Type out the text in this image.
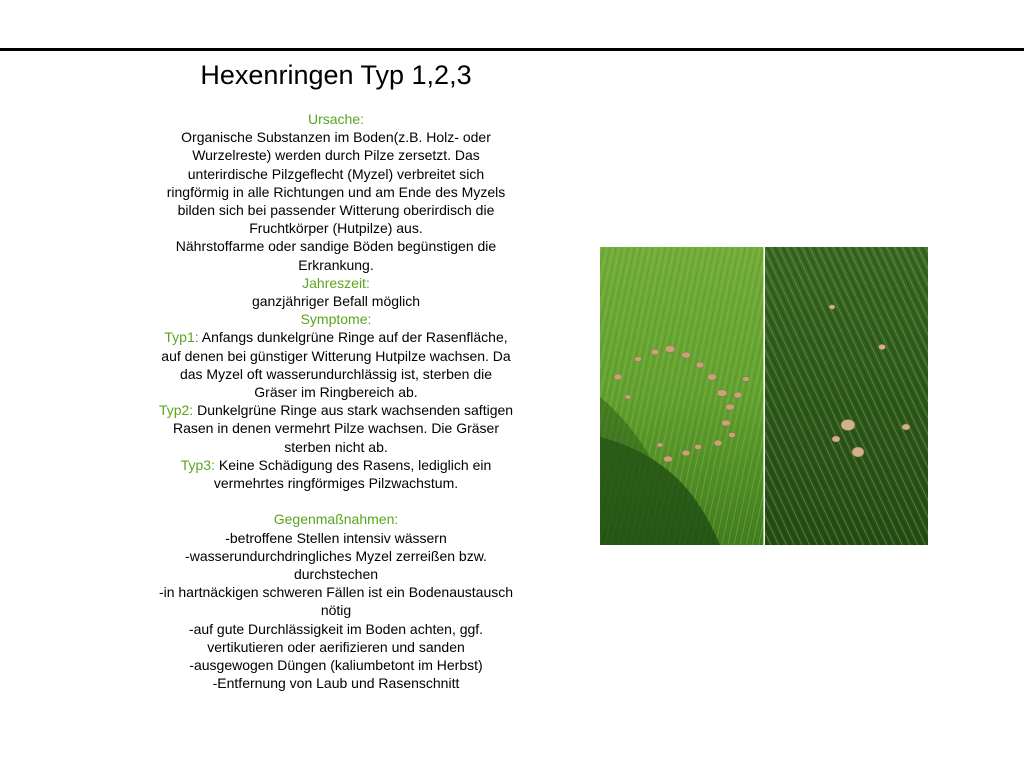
Hexenringen Typ 1,2,3
Ursache:
Organische Substanzen im Boden(z.B. Holz- oder
Wurzelreste) werden durch Pilze zersetzt. Das
unterirdische Pilzgeflecht (Myzel) verbreitet sich
ringförmig in alle Richtungen und am Ende des Myzels
bilden sich bei passender Witterung oberirdisch die
Fruchtkörper (Hutpilze) aus.
Nährstoffarme oder sandige Böden begünstigen die
Erkrankung.
Jahreszeit:
ganzjähriger Befall möglich
Symptome:
Typ1: Anfangs dunkelgrüne Ringe auf der Rasenfläche,
auf denen bei günstiger Witterung Hutpilze wachsen. Da
das Myzel oft wasserundurchlässig ist, sterben die
Gräser im Ringbereich ab.
Typ2: Dunkelgrüne Ringe aus stark wachsenden saftigen
Rasen in denen vermehrt Pilze wachsen. Die Gräser
sterben nicht ab.
Typ3: Keine Schädigung des Rasens, lediglich ein
vermehrtes ringförmiges Pilzwachstum.
Gegenmaßnahmen:
-betroffene Stellen intensiv wässern
-wasserundurchdringliches Myzel zerreißen bzw.
durchstechen
-in hartnäckigen schweren Fällen ist ein Bodenaustausch
nötig
-auf gute Durchlässigkeit im Boden achten, ggf.
vertikutieren oder aerifizieren und sanden
-ausgewogen Düngen (kaliumbetont im Herbst)
-Entfernung von Laub und Rasenschnitt
